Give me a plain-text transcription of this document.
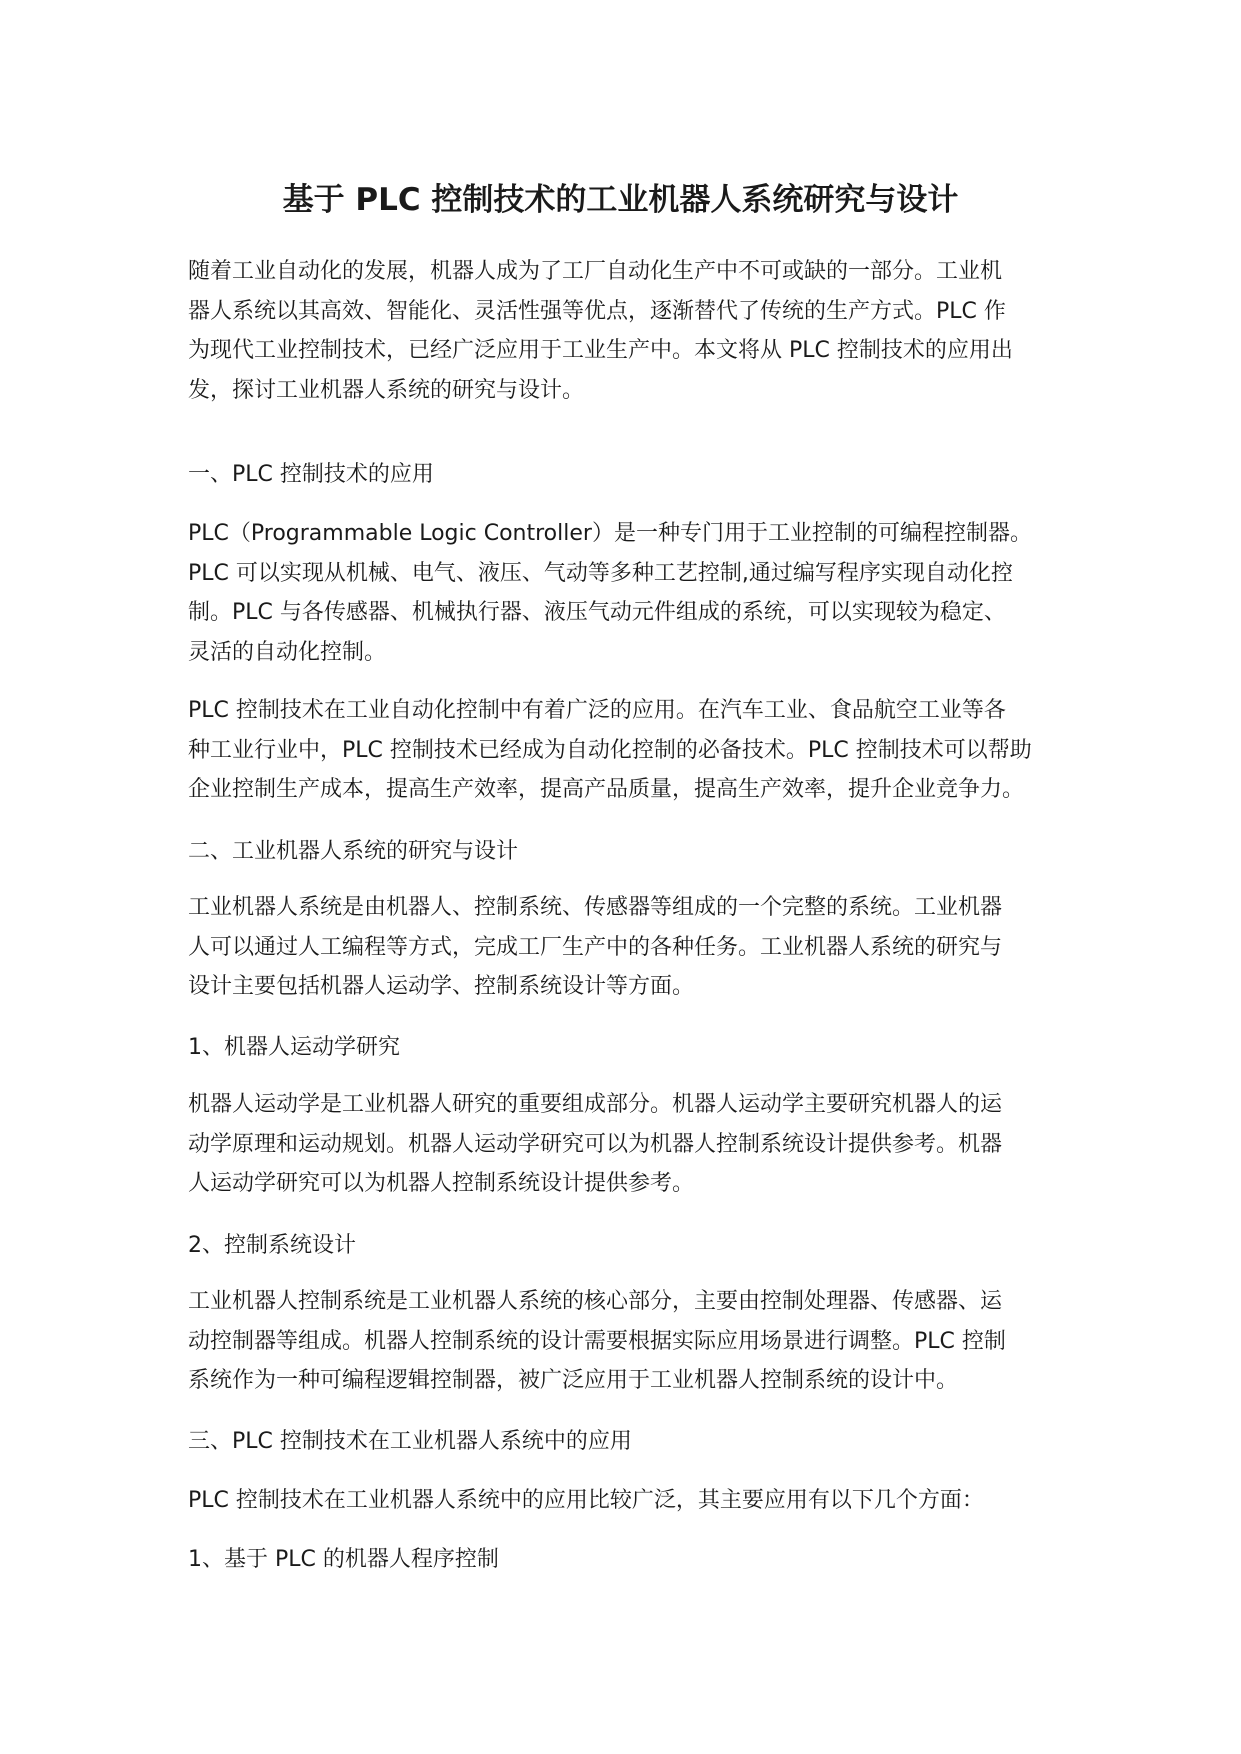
基于 PLC 控制技术的工业机器人系统研究与设计
随着工业自动化的发展，机器人成为了工厂自动化生产中不可或缺的一部分。工业机
器人系统以其高效、智能化、灵活性强等优点，逐渐替代了传统的生产方式。PLC 作
为现代工业控制技术，已经广泛应用于工业生产中。本文将从 PLC 控制技术的应用出
发，探讨工业机器人系统的研究与设计。
一、PLC 控制技术的应用
PLC（Programmable Logic Controller）是一种专门用于工业控制的可编程控制器。
PLC 可以实现从机械、电气、液压、气动等多种工艺控制,通过编写程序实现自动化控
制。PLC 与各传感器、机械执行器、液压气动元件组成的系统，可以实现较为稳定、
灵活的自动化控制。
PLC 控制技术在工业自动化控制中有着广泛的应用。在汽车工业、食品航空工业等各
种工业行业中，PLC 控制技术已经成为自动化控制的必备技术。PLC 控制技术可以帮助
企业控制生产成本，提高生产效率，提高产品质量，提高生产效率，提升企业竞争力。
二、工业机器人系统的研究与设计
工业机器人系统是由机器人、控制系统、传感器等组成的一个完整的系统。工业机器
人可以通过人工编程等方式，完成工厂生产中的各种任务。工业机器人系统的研究与
设计主要包括机器人运动学、控制系统设计等方面。
1、机器人运动学研究
机器人运动学是工业机器人研究的重要组成部分。机器人运动学主要研究机器人的运
动学原理和运动规划。机器人运动学研究可以为机器人控制系统设计提供参考。机器
人运动学研究可以为机器人控制系统设计提供参考。
2、控制系统设计
工业机器人控制系统是工业机器人系统的核心部分，主要由控制处理器、传感器、运
动控制器等组成。机器人控制系统的设计需要根据实际应用场景进行调整。PLC 控制
系统作为一种可编程逻辑控制器，被广泛应用于工业机器人控制系统的设计中。
三、PLC 控制技术在工业机器人系统中的应用
PLC 控制技术在工业机器人系统中的应用比较广泛，其主要应用有以下几个方面：
1、基于 PLC 的机器人程序控制
